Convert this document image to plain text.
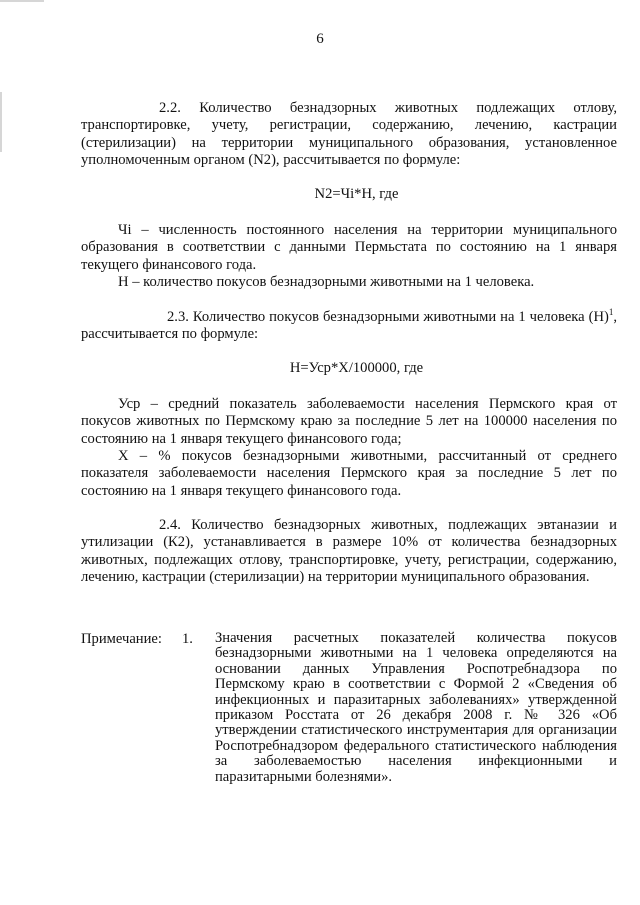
6

2.2. Количество безнадзорных животных подлежащих отлову, транспортировке, учету, регистрации, содержанию, лечению, кастрации (стерилизации) на территории муниципального образования, установленное уполномоченным органом (N2), рассчитывается по формуле:

N2=Чi*Н, где

Чi – численность постоянного населения на территории муниципального образования в соответствии с данными Пермьстата по состоянию на 1 января текущего финансового года.

Н – количество покусов безнадзорными животными на 1 человека.

2.3. Количество покусов безнадзорными животными на 1 человека $(Н)^1$, рассчитывается по формуле:

Н=Уср*Х/100000, где

Уср – средний показатель заболеваемости населения Пермского края от покусов животных по Пермскому краю за последние 5 лет на 100000 населения по состоянию на 1 января текущего финансового года;

Х – % покусов безнадзорными животными, рассчитанный от среднего показателя заболеваемости населения Пермского края за последние 5 лет по состоянию на 1 января текущего финансового года.

2.4. Количество безнадзорных животных, подлежащих эвтаназии и утилизации (К2), устанавливается в размере 10% от количества безнадзорных животных, подлежащих отлову, транспортировке, учету, регистрации, содержанию, лечению, кастрации (стерилизации) на территории муниципального образования.

Примечание: 1. Значения расчетных показателей количества покусов безнадзорными животными на 1 человека определяются на основании данных Управления Роспотребнадзора по Пермскому краю в соответствии с Формой 2 «Сведения об инфекционных и паразитарных заболеваниях» утвержденной приказом Росстата от 26 декабря 2008 г. № 326 «Об утверждении статистического инструментария для организации Роспотребнадзором федерального статистического наблюдения за заболеваемостью населения инфекционными и паразитарными болезнями».
